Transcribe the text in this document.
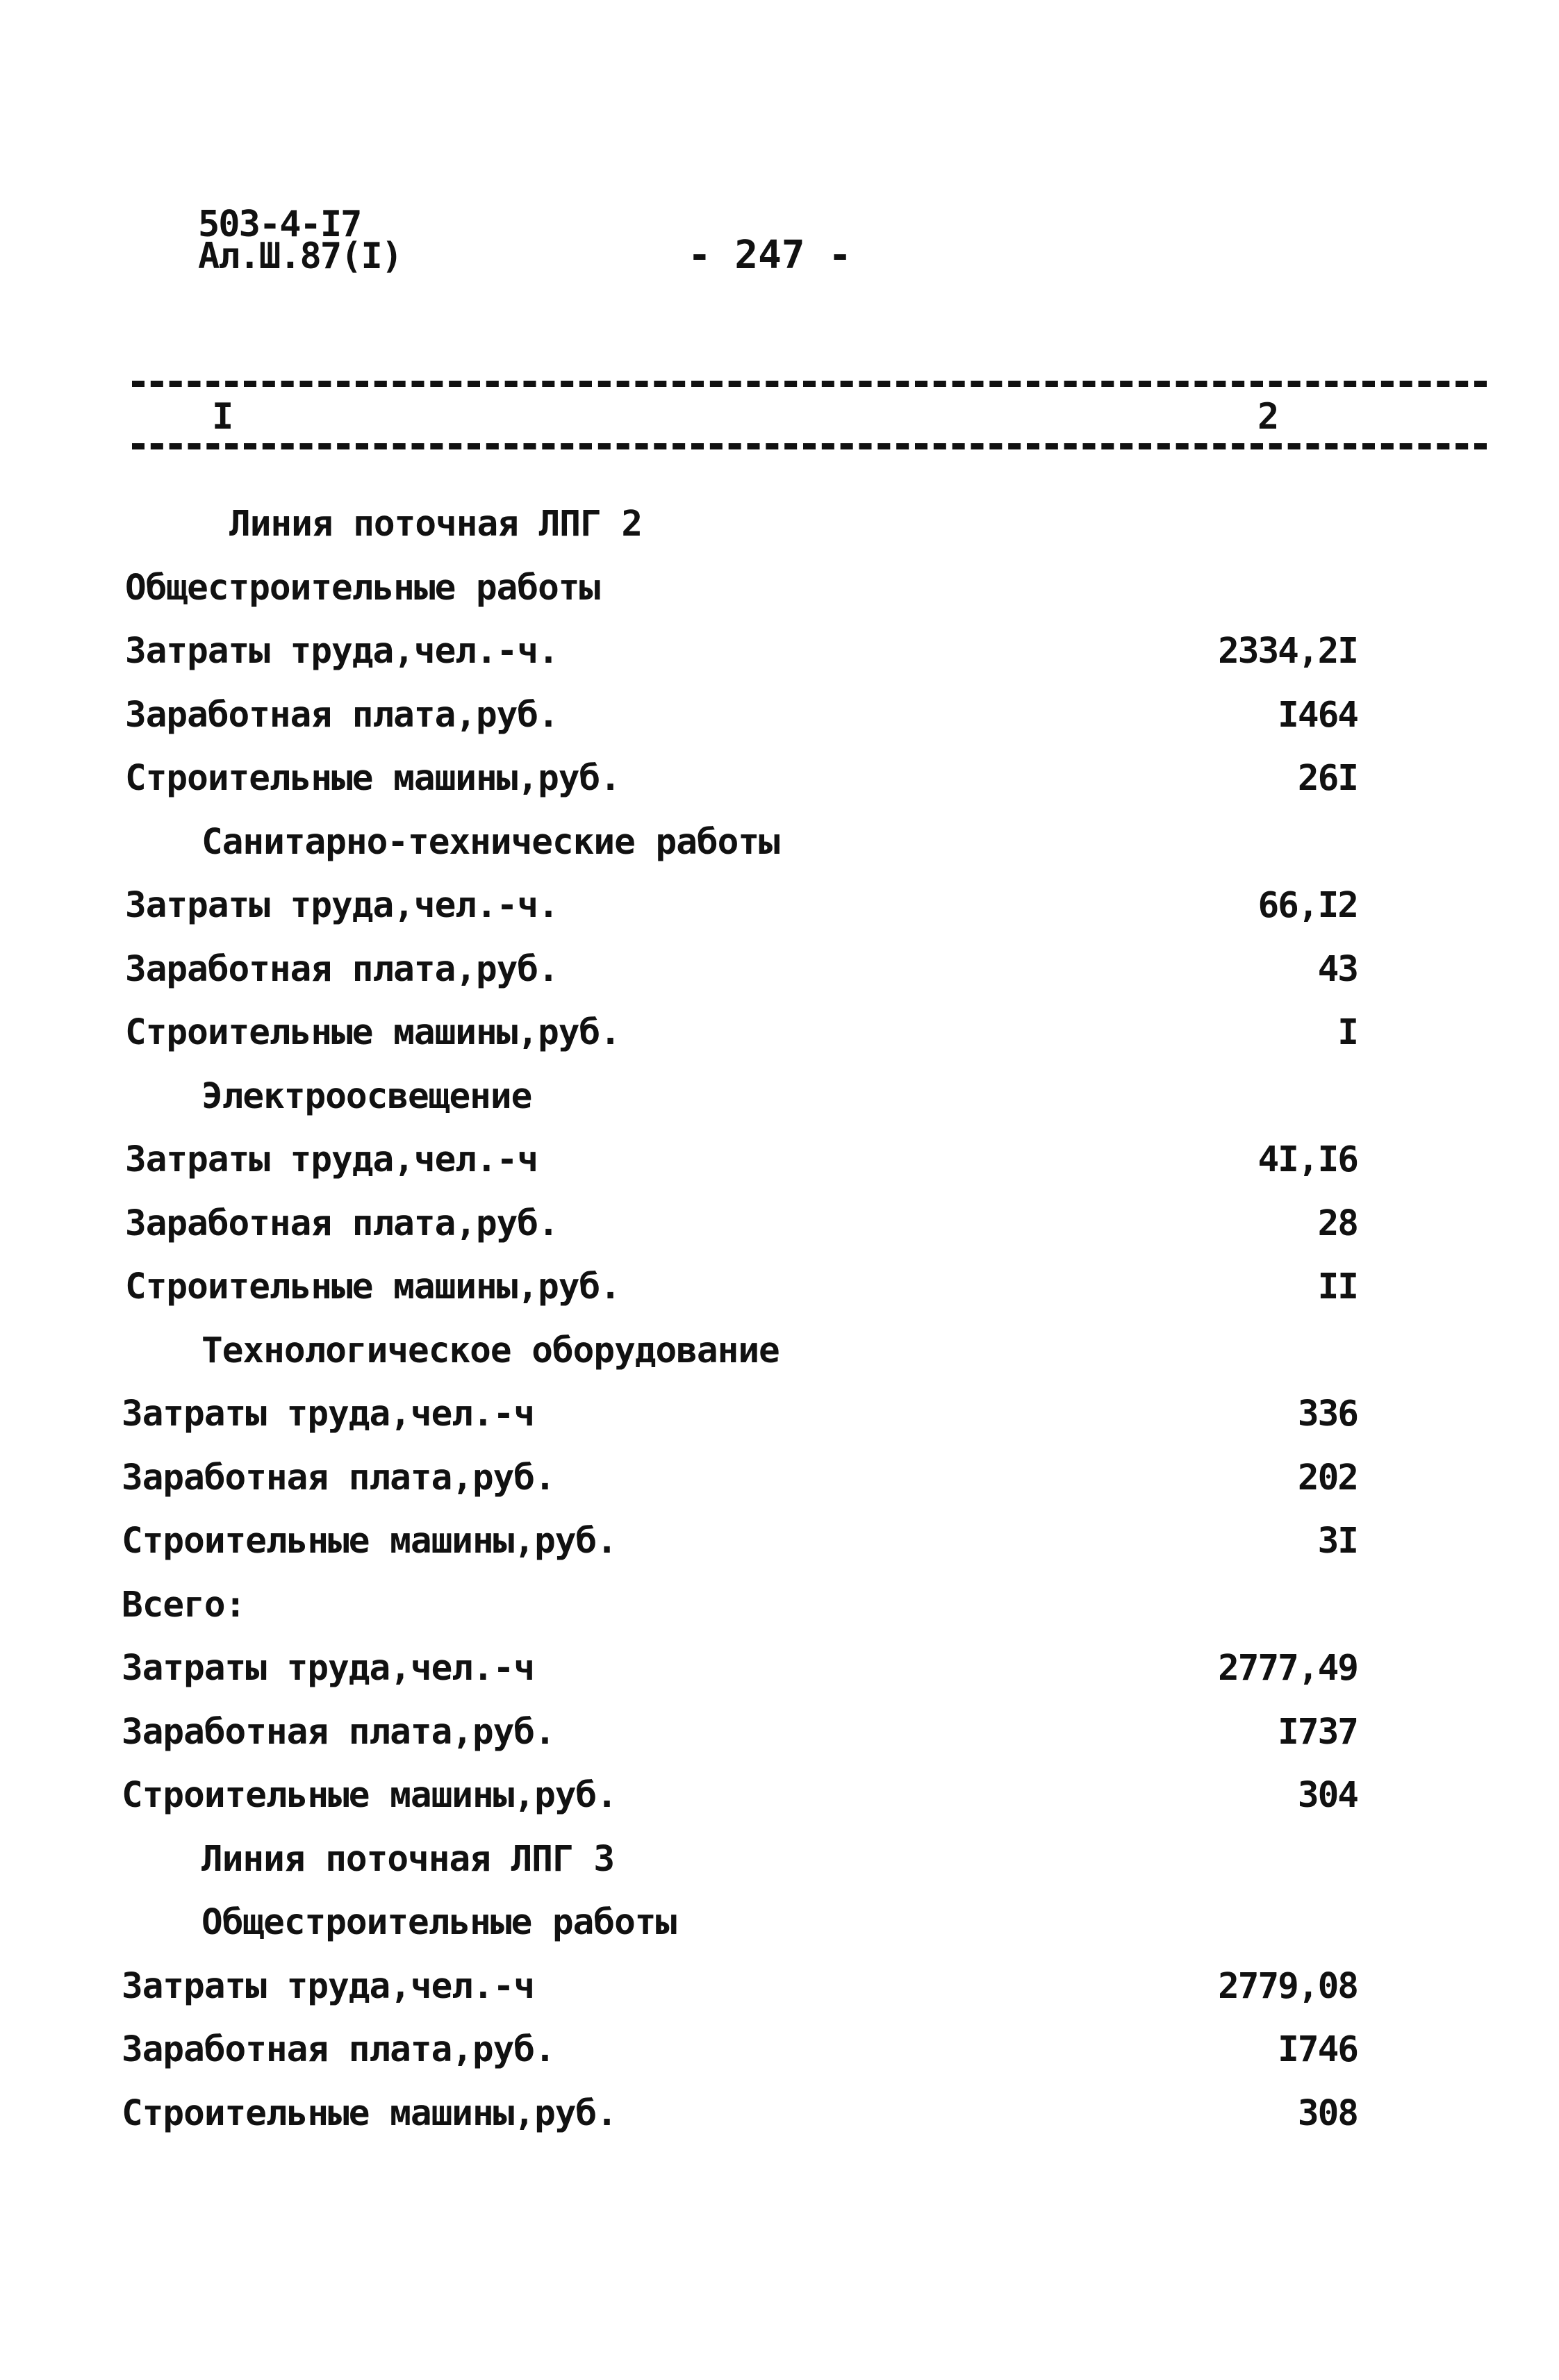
503-4-I7
Ал.Ш.87(I)	- 247 -
I	2
Линия поточная ЛПГ 2
Общестроительные работы
Затраты труда,чел.-ч.	2334,2I
Заработная плата,руб.	I464
Строительные машины,руб.	26I
Санитарно-технические работы
Затраты труда,чел.-ч.	66,I2
Заработная плата,руб.	43
Строительные машины,руб.	I
Электроосвещение
Затраты труда,чел.-ч	4I,I6
Заработная плата,руб.	28
Строительные машины,руб.	II
Технологическое оборудование
Затраты труда,чел.-ч	336
Заработная плата,руб.	202
Строительные машины,руб.	3I
Всего:
Затраты труда,чел.-ч	2777,49
Заработная плата,руб.	I737
Строительные машины,руб.	304
Линия поточная ЛПГ 3
Общестроительные работы
Затраты труда,чел.-ч	2779,08
Заработная плата,руб.	I746
Строительные машины,руб.	308
